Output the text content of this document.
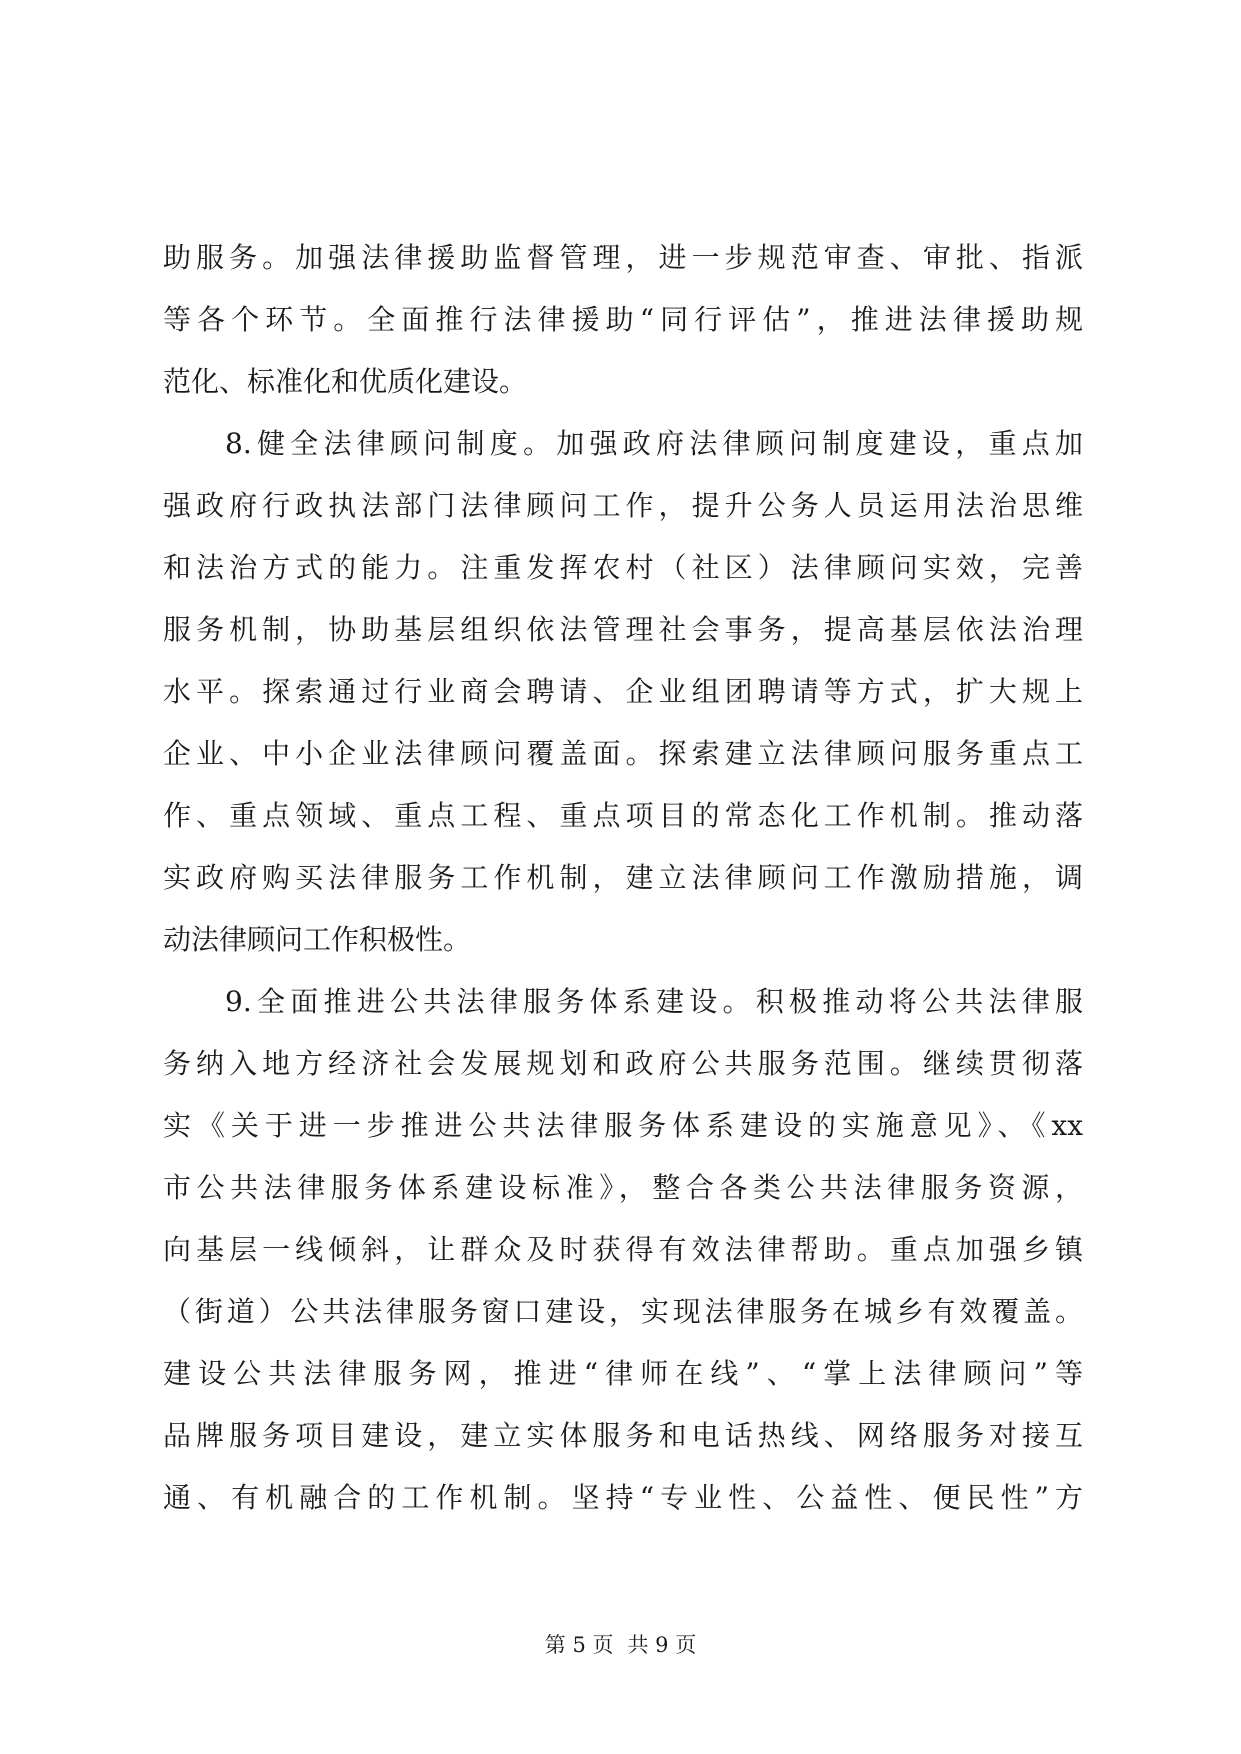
助服务。加强法律援助监督管理，进一步规范审查、审批、指派
等各个环节。全面推行法律援助“同行评估”，推进法律援助规
范化、标准化和优质化建设。
8.健全法律顾问制度。加强政府法律顾问制度建设，重点加
强政府行政执法部门法律顾问工作，提升公务人员运用法治思维
和法治方式的能力。注重发挥农村（社区）法律顾问实效，完善
服务机制，协助基层组织依法管理社会事务，提高基层依法治理
水平。探索通过行业商会聘请、企业组团聘请等方式，扩大规上
企业、中小企业法律顾问覆盖面。探索建立法律顾问服务重点工
作、重点领域、重点工程、重点项目的常态化工作机制。推动落
实政府购买法律服务工作机制，建立法律顾问工作激励措施，调
动法律顾问工作积极性。
9.全面推进公共法律服务体系建设。积极推动将公共法律服
务纳入地方经济社会发展规划和政府公共服务范围。继续贯彻落
实《关于进一步推进公共法律服务体系建设的实施意见》、《xx
市公共法律服务体系建设标准》，整合各类公共法律服务资源，
向基层一线倾斜，让群众及时获得有效法律帮助。重点加强乡镇
（街道）公共法律服务窗口建设，实现法律服务在城乡有效覆盖。
建设公共法律服务网，推进“律师在线”、“掌上法律顾问”等
品牌服务项目建设，建立实体服务和电话热线、网络服务对接互
通、有机融合的工作机制。坚持“专业性、公益性、便民性”方
第 5 页 共 9 页
